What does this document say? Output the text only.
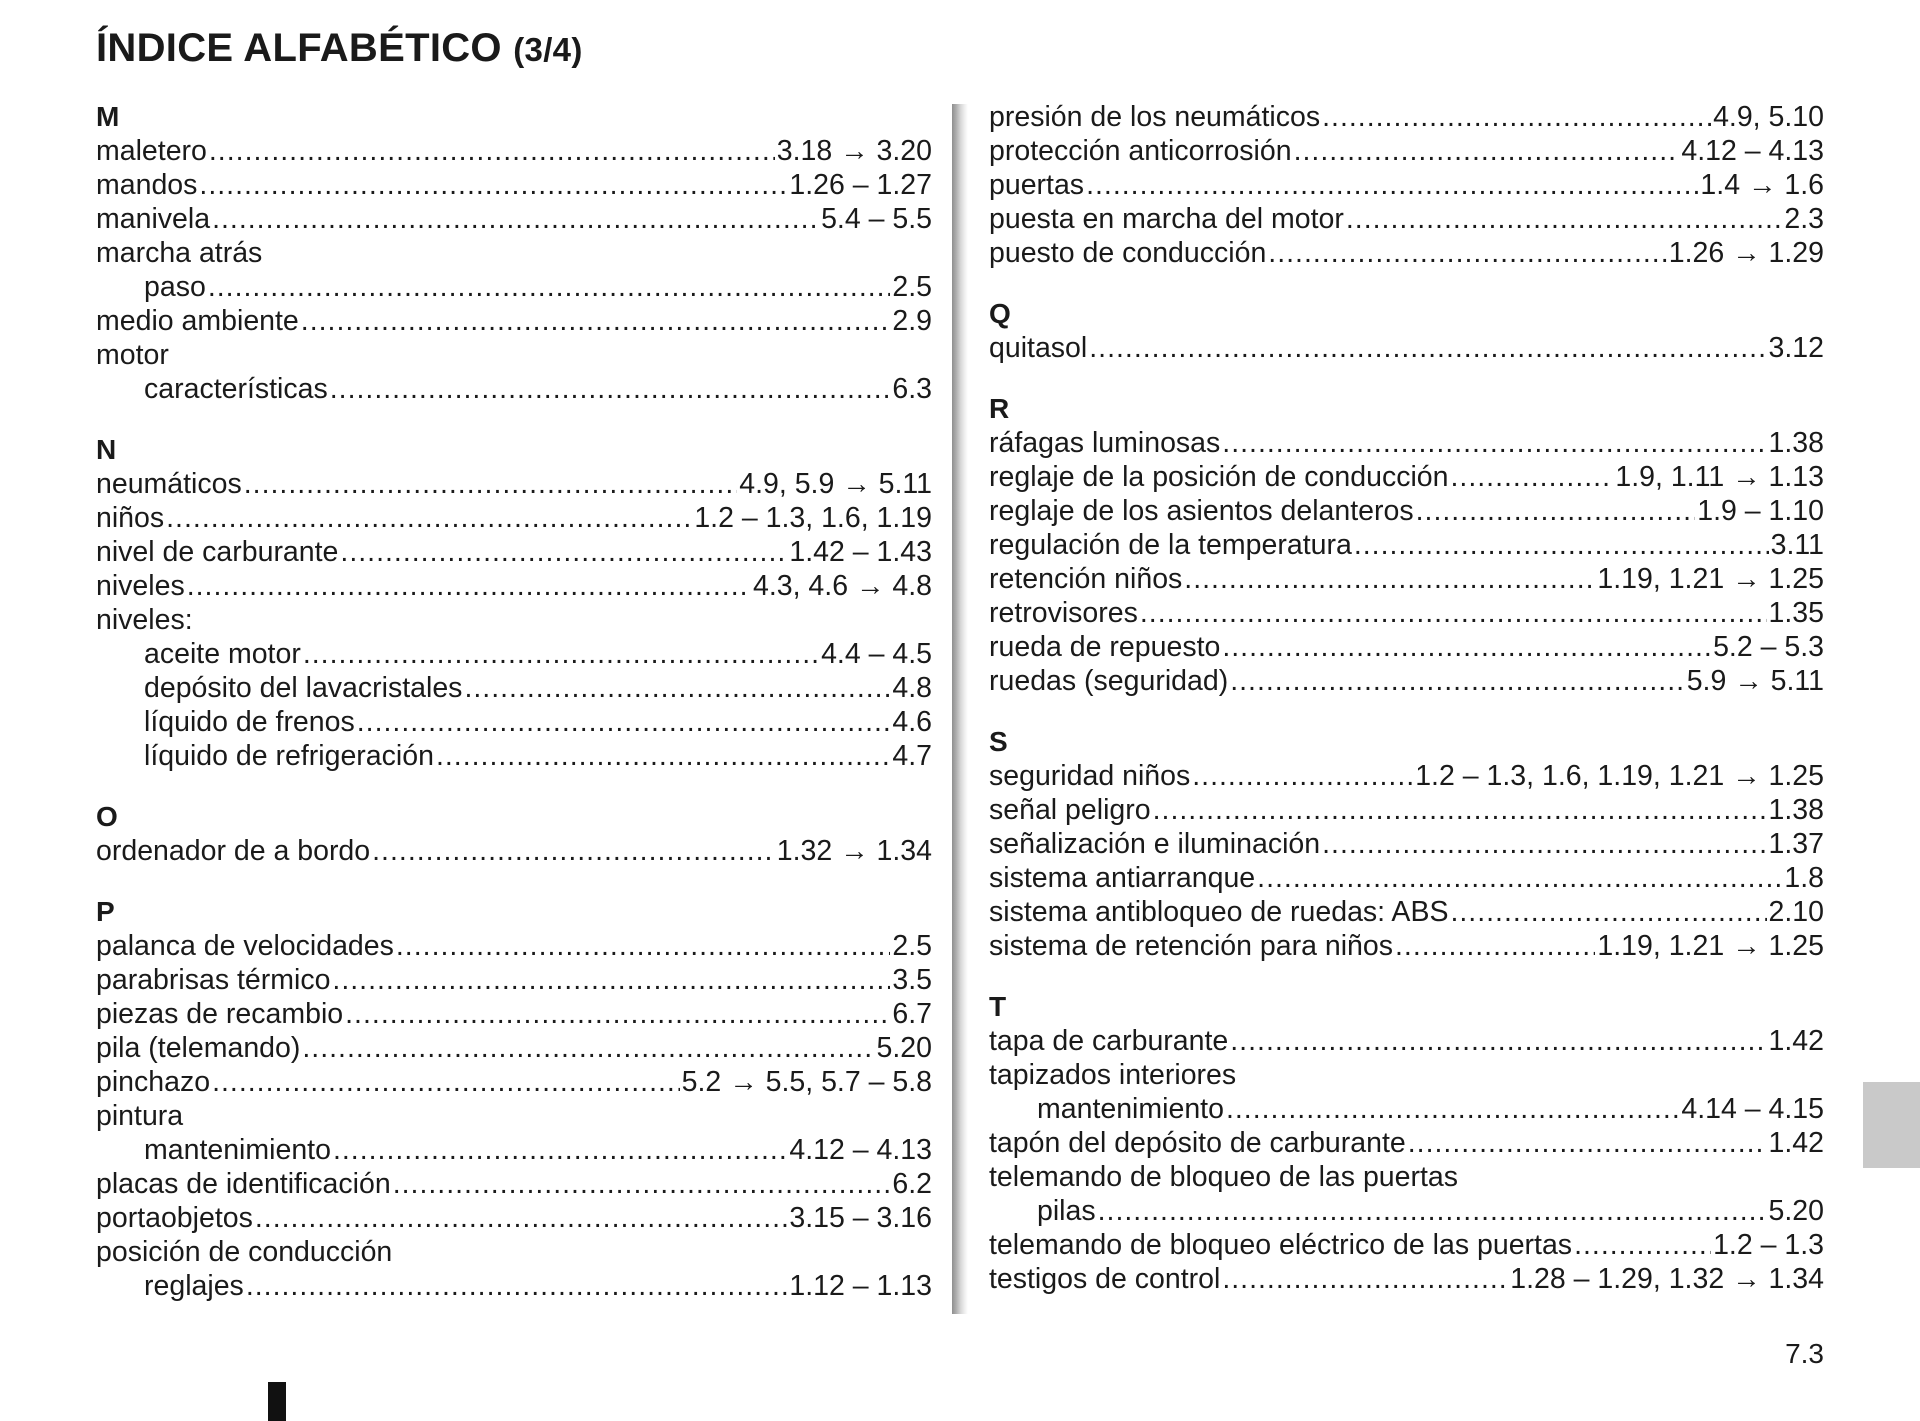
ÍNDICE ALFABÉTICO (3/4)
M
maletero .....	3.18 → 3.20
mandos .....	1.26 – 1.27
manivela .....	5.4 – 5.5
marcha atrás
paso .....	2.5
medio ambiente .....	2.9
motor
características .....	6.3
N
neumáticos .....	4.9, 5.9 → 5.11
niños .....	1.2 – 1.3, 1.6, 1.19
nivel de carburante .....	1.42 – 1.43
niveles .....	4.3, 4.6 → 4.8
niveles:
aceite motor .....	4.4 – 4.5
depósito del lavacristales .....	4.8
líquido de frenos .....	4.6
líquido de refrigeración .....	4.7
O
ordenador de a bordo .....	1.32 → 1.34
P
palanca de velocidades .....	2.5
parabrisas térmico .....	3.5
piezas de recambio .....	6.7
pila (telemando) .....	5.20
pinchazo .....	5.2 → 5.5, 5.7 – 5.8
pintura
mantenimiento .....	4.12 – 4.13
placas de identificación .....	6.2
portaobjetos .....	3.15 – 3.16
posición de conducción
reglajes .....	1.12 – 1.13
presión de los neumáticos .....	4.9, 5.10
protección anticorrosión .....	4.12 – 4.13
puertas .....	1.4 → 1.6
puesta en marcha del motor .....	2.3
puesto de conducción .....	1.26 → 1.29
Q
quitasol .....	3.12
R
ráfagas luminosas .....	1.38
reglaje de la posición de conducción .....	1.9, 1.11 → 1.13
reglaje de los asientos delanteros .....	1.9 – 1.10
regulación de la temperatura .....	3.11
retención niños .....	1.19, 1.21 → 1.25
retrovisores .....	1.35
rueda de repuesto .....	5.2 – 5.3
ruedas (seguridad) .....	5.9 → 5.11
S
seguridad niños .....	1.2 – 1.3, 1.6, 1.19, 1.21 → 1.25
señal peligro .....	1.38
señalización e iluminación .....	1.37
sistema antiarranque .....	1.8
sistema antibloqueo de ruedas: ABS .....	2.10
sistema de retención para niños .....	1.19, 1.21 → 1.25
T
tapa de carburante .....	1.42
tapizados interiores
mantenimiento .....	4.14 – 4.15
tapón del depósito de carburante .....	1.42
telemando de bloqueo de las puertas
pilas .....	5.20
telemando de bloqueo eléctrico de las puertas .....	1.2 – 1.3
testigos de control .....	1.28 – 1.29, 1.32 → 1.34
7.3
